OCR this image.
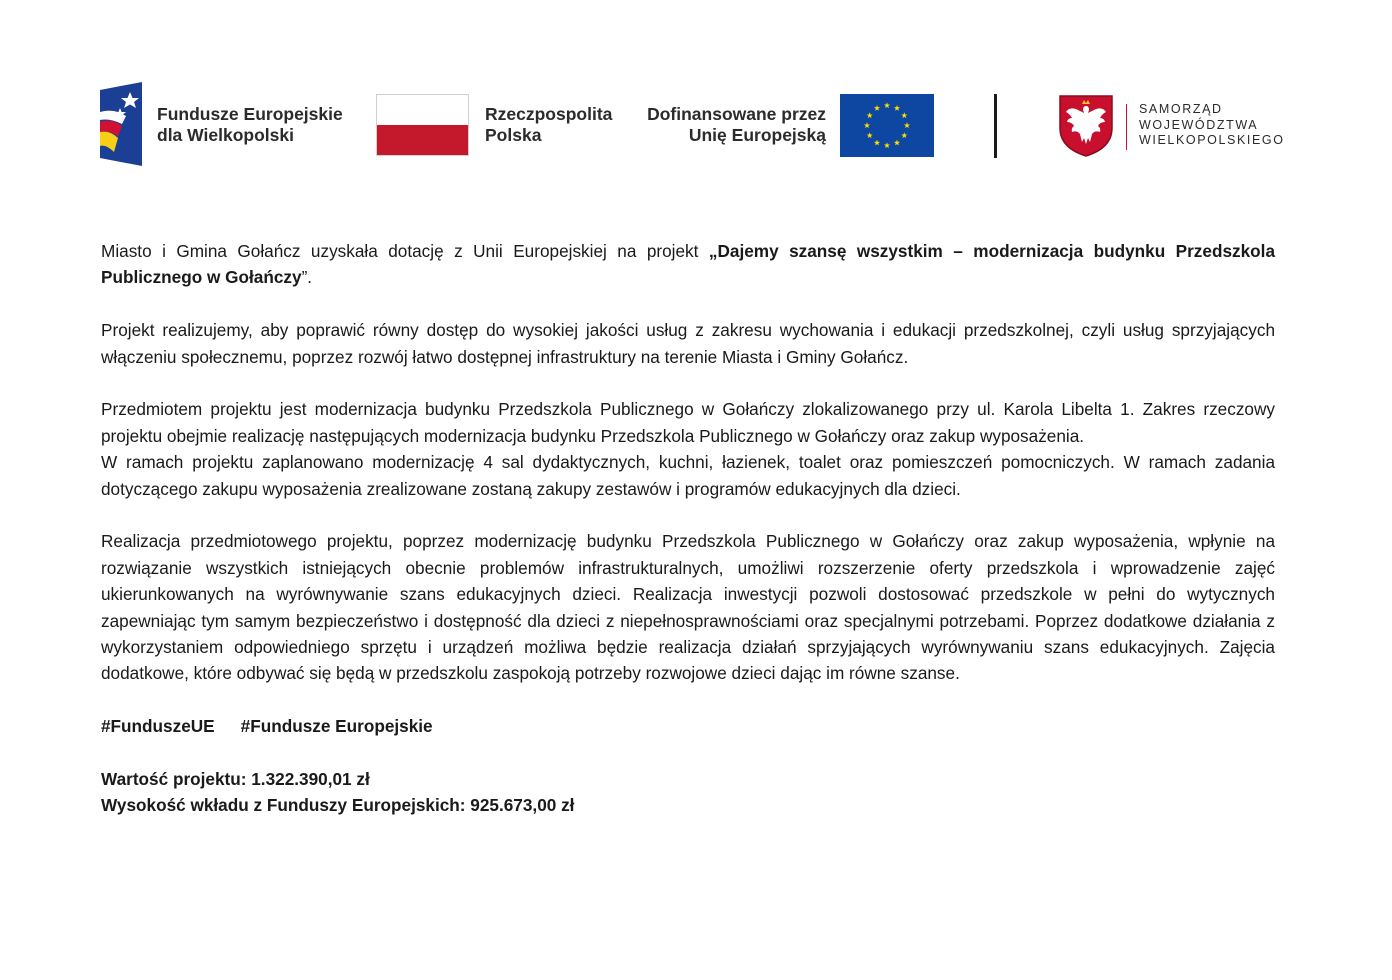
Fundusze Europejskie
dla Wielkopolski
Rzeczpospolita
Polska
Dofinansowane przez
Unię Europejską
SAMORZĄD
WOJEWÓDZTWA
WIELKOPOLSKIEGO

Miasto i Gmina Gołańcz uzyskała dotację z Unii Europejskiej na projekt „Dajemy szansę wszystkim – modernizacja budynku Przedszkola Publicznego w Gołańczy”.

Projekt realizujemy, aby poprawić równy dostęp do wysokiej jakości usług z zakresu wychowania i edukacji przedszkolnej, czyli usług sprzyjających włączeniu społecznemu, poprzez rozwój łatwo dostępnej infrastruktury na terenie Miasta i Gminy Gołańcz.

Przedmiotem projektu jest modernizacja budynku Przedszkola Publicznego w Gołańczy zlokalizowanego przy ul. Karola Libelta 1. Zakres rzeczowy projektu obejmie realizację następujących modernizacja budynku Przedszkola Publicznego w Gołańczy oraz zakup wyposażenia.

W ramach projektu zaplanowano modernizację 4 sal dydaktycznych, kuchni, łazienek, toalet oraz pomieszczeń pomocniczych. W ramach zadania dotyczącego zakupu wyposażenia zrealizowane zostaną zakupy zestawów i programów edukacyjnych dla dzieci.

Realizacja przedmiotowego projektu, poprzez modernizację budynku Przedszkola Publicznego w Gołańczy oraz zakup wyposażenia, wpłynie na rozwiązanie wszystkich istniejących obecnie problemów infrastrukturalnych, umożliwi rozszerzenie oferty przedszkola i wprowadzenie zajęć ukierunkowanych na wyrównywanie szans edukacyjnych dzieci. Realizacja inwestycji pozwoli dostosować przedszkole w pełni do wytycznych zapewniając tym samym bezpieczeństwo i dostępność dla dzieci z niepełnosprawnościami oraz specjalnymi potrzebami. Poprzez dodatkowe działania z wykorzystaniem odpowiedniego sprzętu i urządzeń możliwa będzie realizacja działań sprzyjających wyrównywaniu szans edukacyjnych. Zajęcia dodatkowe, które odbywać się będą w przedszkolu zaspokoją potrzeby rozwojowe dzieci dając im równe szanse.

#FunduszeUE #Fundusze Europejskie
Wartość projektu: 1.322.390,01 zł
Wysokość wkładu z Funduszy Europejskich: 925.673,00 zł
